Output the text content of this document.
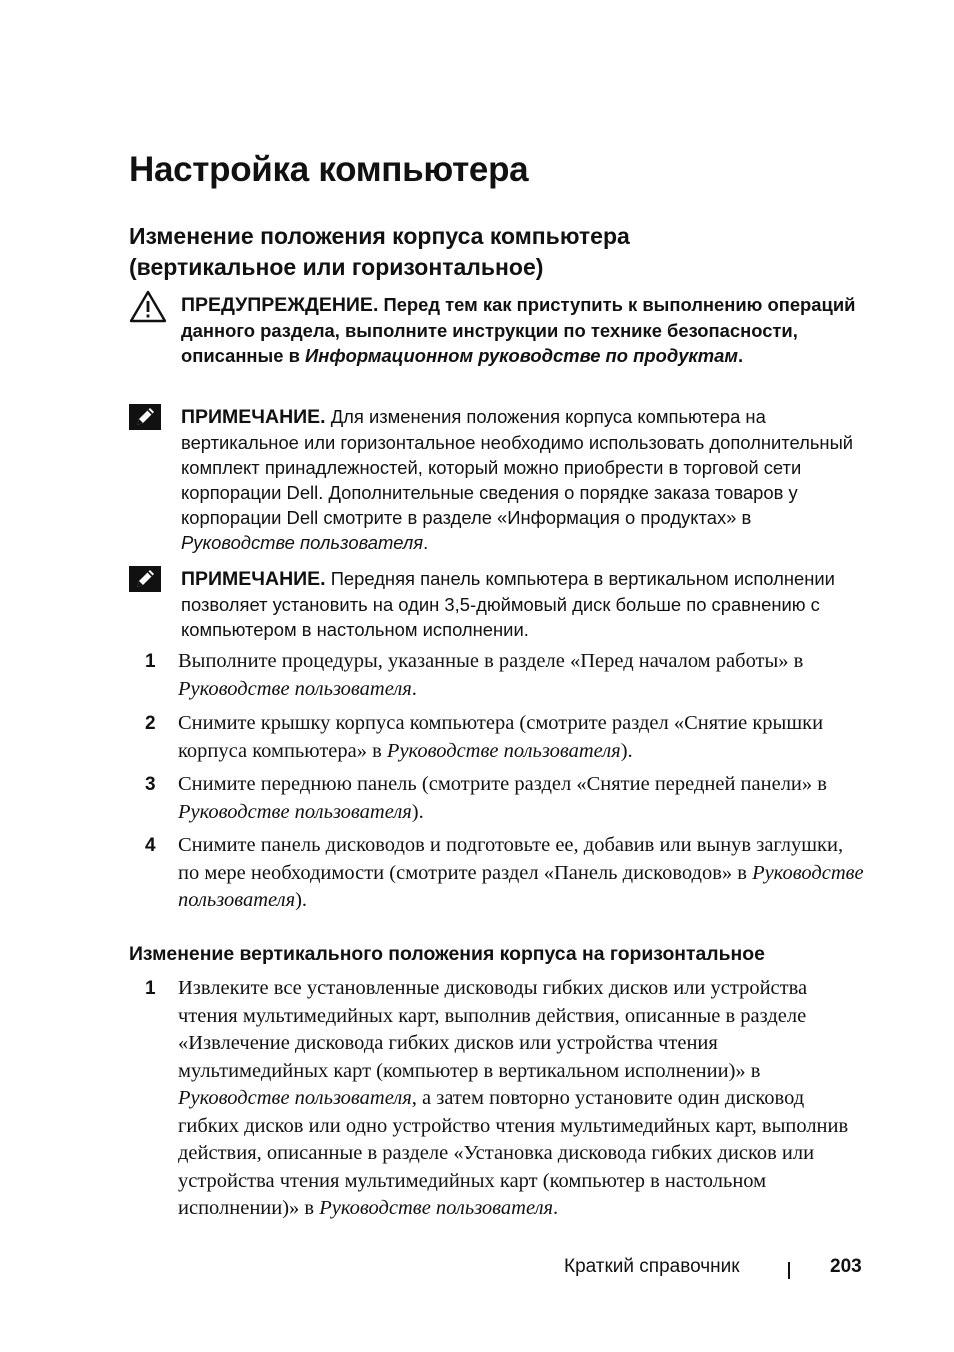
Настройка компьютера
Изменение положения корпуса компьютера
(вертикальное или горизонтальное)
ПРЕДУПРЕЖДЕНИЕ. Перед тем как приступить к выполнению операций данного раздела, выполните инструкции по технике безопасности, описанные в Информационном руководстве по продуктам.
ПРИМЕЧАНИЕ. Для изменения положения корпуса компьютера на вертикальное или горизонтальное необходимо использовать дополнительный комплект принадлежностей, который можно приобрести в торговой сети корпорации Dell. Дополнительные сведения о порядке заказа товаров у корпорации Dell смотрите в разделе «Информация о продуктах» в Руководстве пользователя.
ПРИМЕЧАНИЕ. Передняя панель компьютера в вертикальном исполнении позволяет установить на один 3,5-дюймовый диск больше по сравнению с компьютером в настольном исполнении.
1 Выполните процедуры, указанные в разделе «Перед началом работы» в Руководстве пользователя.
2 Снимите крышку корпуса компьютера (смотрите раздел «Снятие крышки корпуса компьютера» в Руководстве пользователя).
3 Снимите переднюю панель (смотрите раздел «Снятие передней панели» в Руководстве пользователя).
4 Снимите панель дисководов и подготовьте ее, добавив или вынув заглушки, по мере необходимости (смотрите раздел «Панель дисководов» в Руководстве пользователя).
Изменение вертикального положения корпуса на горизонтальное
1 Извлеките все установленные дисководы гибких дисков или устройства чтения мультимедийных карт, выполнив действия, описанные в разделе «Извлечение дисковода гибких дисков или устройства чтения мультимедийных карт (компьютер в вертикальном исполнении)» в Руководстве пользователя, а затем повторно установите один дисковод гибких дисков или одно устройство чтения мультимедийных карт, выполнив действия, описанные в разделе «Установка дисковода гибких дисков или устройства чтения мультимедийных карт (компьютер в настольном исполнении)» в Руководстве пользователя.
Краткий справочник	203
